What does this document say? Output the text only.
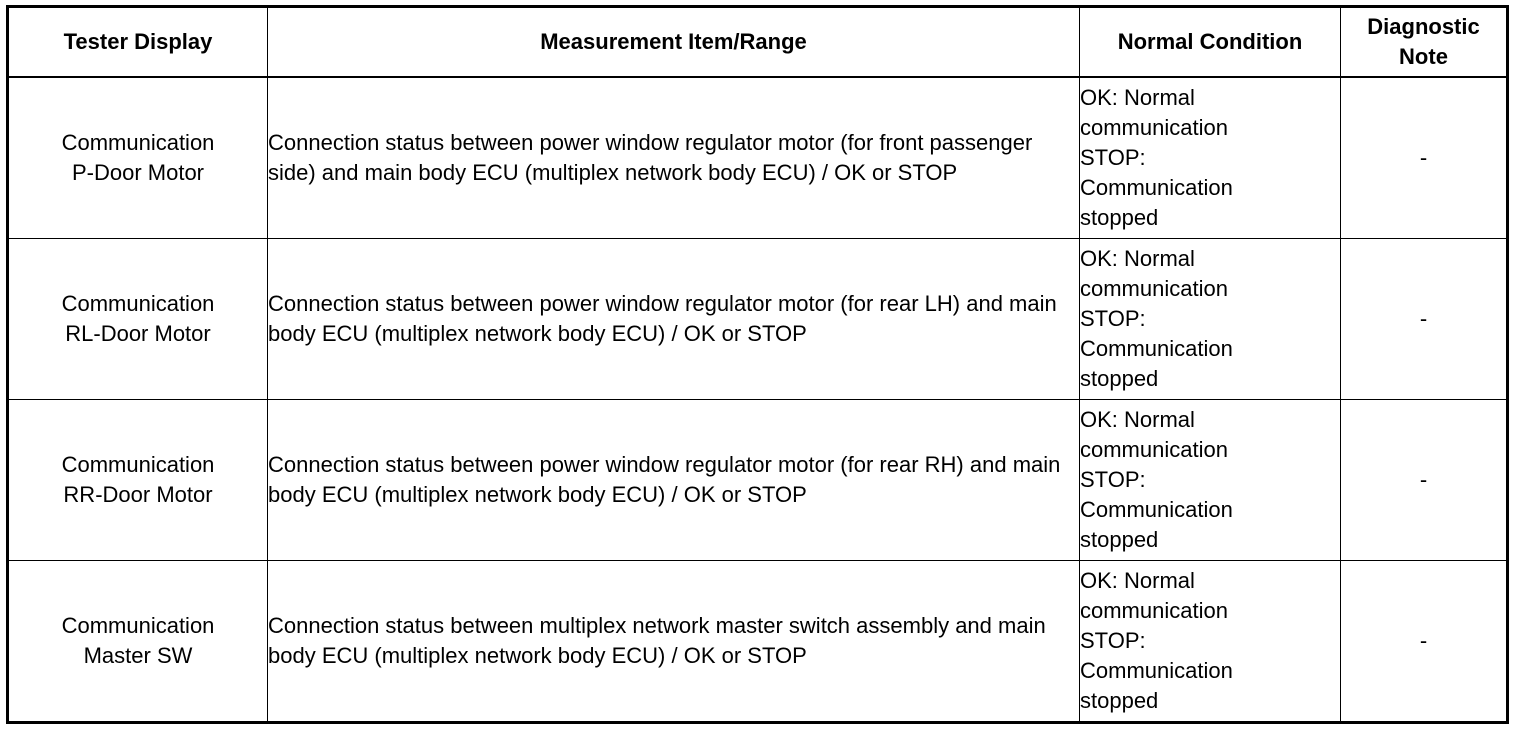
Tester Display	Measurement Item/Range	Normal Condition	Diagnostic
Note

Communication
P-Door Motor	Connection status between power window regulator motor (for front passenger side) and main body ECU (multiplex network body ECU) / OK or STOP	OK: Normal
communication
STOP:
Communication
stopped	-

Communication
RL-Door Motor	Connection status between power window regulator motor (for rear LH) and main body ECU (multiplex network body ECU) / OK or STOP	OK: Normal
communication
STOP:
Communication
stopped	-

Communication
RR-Door Motor	Connection status between power window regulator motor (for rear RH) and main body ECU (multiplex network body ECU) / OK or STOP	OK: Normal
communication
STOP:
Communication
stopped	-

Communication
Master SW	Connection status between multiplex network master switch assembly and main body ECU (multiplex network body ECU) / OK or STOP	OK: Normal
communication
STOP:
Communication
stopped	-
